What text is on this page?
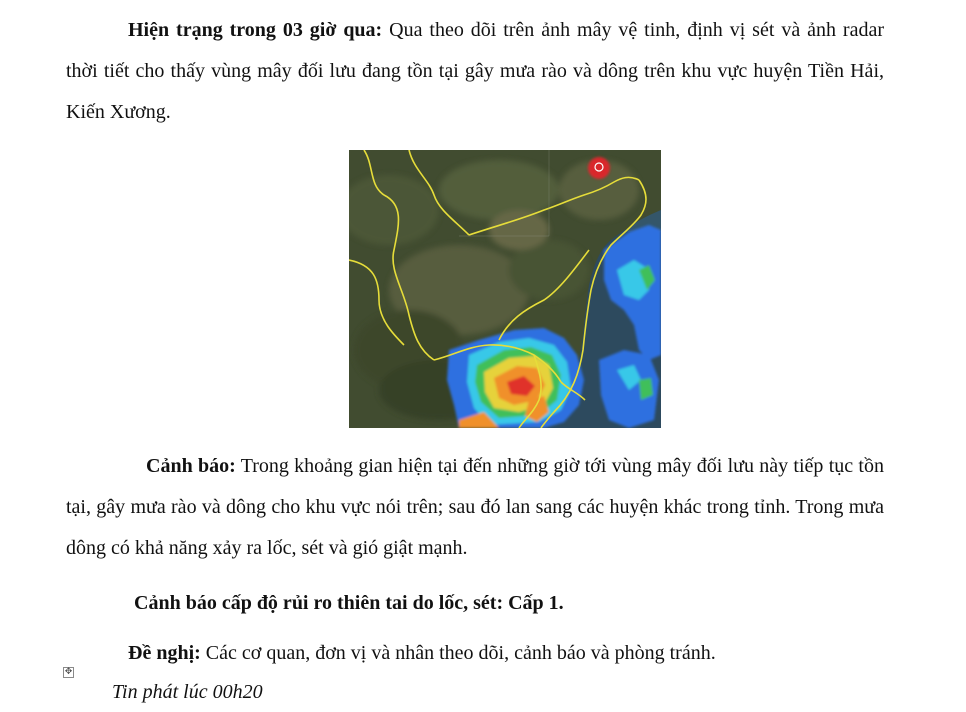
Hiện trạng trong 03 giờ qua: Qua theo dõi trên ảnh mây vệ tinh, định vị sét và ảnh radar thời tiết cho thấy vùng mây đối lưu đang tồn tại gây mưa rào và dông trên khu vực huyện Tiền Hải, Kiến Xương.

Cảnh báo: Trong khoảng gian hiện tại đến những giờ tới vùng mây đối lưu này tiếp tục tồn tại, gây mưa rào và dông cho khu vực nói trên; sau đó lan sang các huyện khác trong tỉnh. Trong mưa dông có khả năng xảy ra lốc, sét và gió giật mạnh.

Cảnh báo cấp độ rủi ro thiên tai do lốc, sét: Cấp 1.

Đề nghị: Các cơ quan, đơn vị và nhân theo dõi, cảnh báo và phòng tránh.

✥
Tin phát lúc 00h20
